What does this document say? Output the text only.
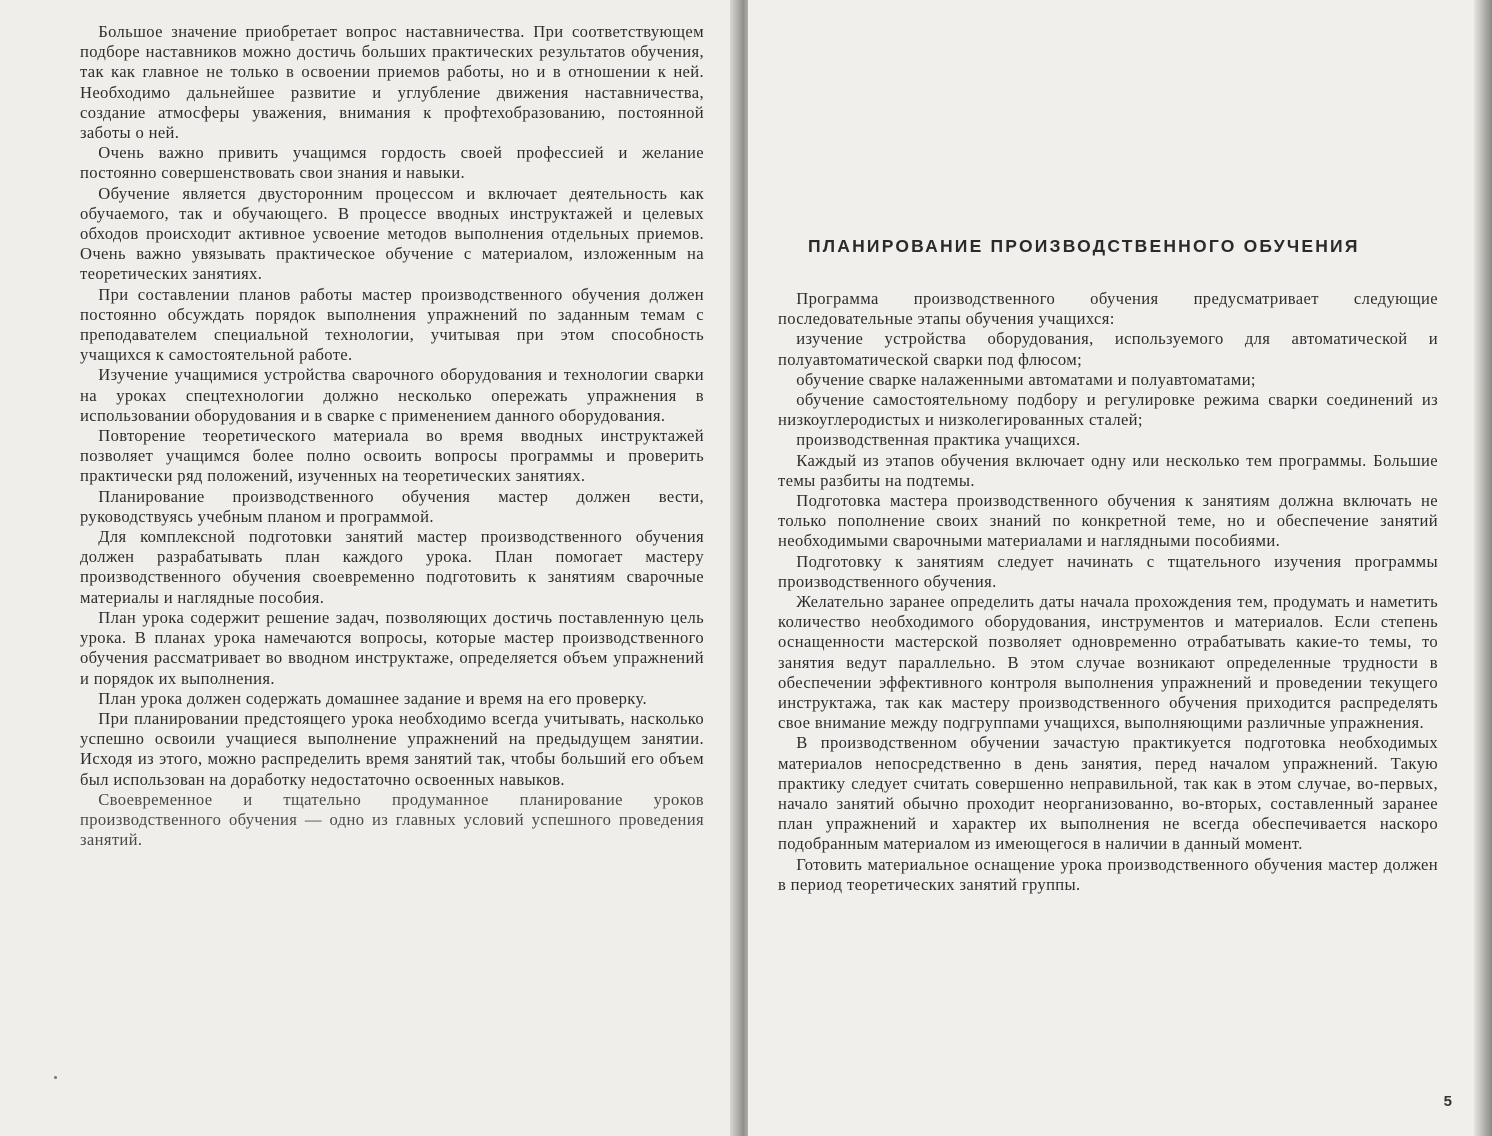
Большое значение приобретает вопрос наставничества. При соответствующем подборе наставников можно достичь больших практических результатов обучения, так как главное не только в освоении приемов работы, но и в отношении к ней. Необходимо дальнейшее развитие и углубление движения наставничества, создание атмосферы уважения, внимания к профтехобразованию, постоянной заботы о ней.

Очень важно привить учащимся гордость своей профессией и желание постоянно совершенствовать свои знания и навыки.

Обучение является двусторонним процессом и включает деятельность как обучаемого, так и обучающего. В процессе вводных инструктажей и целевых обходов происходит активное усвоение методов выполнения отдельных приемов. Очень важно увязывать практическое обучение с материалом, изложенным на теоретических занятиях.

При составлении планов работы мастер производственного обучения должен постоянно обсуждать порядок выполнения упражнений по заданным темам с преподавателем специальной технологии, учитывая при этом способность учащихся к самостоятельной работе.

Изучение учащимися устройства сварочного оборудования и технологии сварки на уроках спецтехнологии должно несколько опережать упражнения в использовании оборудования и в сварке с применением данного оборудования.

Повторение теоретического материала во время вводных инструктажей позволяет учащимся более полно освоить вопросы программы и проверить практически ряд положений, изученных на теоретических занятиях.

Планирование производственного обучения мастер должен вести, руководствуясь учебным планом и программой.

Для комплексной подготовки занятий мастер производственного обучения должен разрабатывать план каждого урока. План помогает мастеру производственного обучения своевременно подготовить к занятиям сварочные материалы и наглядные пособия.

План урока содержит решение задач, позволяющих достичь поставленную цель урока. В планах урока намечаются вопросы, которые мастер производственного обучения рассматривает во вводном инструктаже, определяется объем упражнений и порядок их выполнения.

План урока должен содержать домашнее задание и время на его проверку.

При планировании предстоящего урока необходимо всегда учитывать, насколько успешно освоили учащиеся выполнение упражнений на предыдущем занятии. Исходя из этого, можно распределить время занятий так, чтобы больший его объем был использован на доработку недостаточно освоенных навыков.

Своевременное и тщательно продуманное планирование уроков производственного обучения — одно из главных условий успешного проведения занятий.

ПЛАНИРОВАНИЕ ПРОИЗВОДСТВЕННОГО ОБУЧЕНИЯ

Программа производственного обучения предусматривает следующие последовательные этапы обучения учащихся:

изучение устройства оборудования, используемого для автоматической и полуавтоматической сварки под флюсом;

обучение сварке налаженными автоматами и полуавтоматами;

обучение самостоятельному подбору и регулировке режима сварки соединений из низкоуглеродистых и низколегированных сталей;

производственная практика учащихся.

Каждый из этапов обучения включает одну или несколько тем программы. Большие темы разбиты на подтемы.

Подготовка мастера производственного обучения к занятиям должна включать не только пополнение своих знаний по конкретной теме, но и обеспечение занятий необходимыми сварочными материалами и наглядными пособиями.

Подготовку к занятиям следует начинать с тщательного изучения программы производственного обучения.

Желательно заранее определить даты начала прохождения тем, продумать и наметить количество необходимого оборудования, инструментов и материалов. Если степень оснащенности мастерской позволяет одновременно отрабатывать какие-то темы, то занятия ведут параллельно. В этом случае возникают определенные трудности в обеспечении эффективного контроля выполнения упражнений и проведении текущего инструктажа, так как мастеру производственного обучения приходится распределять свое внимание между подгруппами учащихся, выполняющими различные упражнения.

В производственном обучении зачастую практикуется подготовка необходимых материалов непосредственно в день занятия, перед началом упражнений. Такую практику следует считать совершенно неправильной, так как в этом случае, во-первых, начало занятий обычно проходит неорганизованно, во-вторых, составленный заранее план упражнений и характер их выполнения не всегда обеспечивается наскоро подобранным материалом из имеющегося в наличии в данный момент.

Готовить материальное оснащение урока производственного обучения мастер должен в период теоретических занятий группы.

5
